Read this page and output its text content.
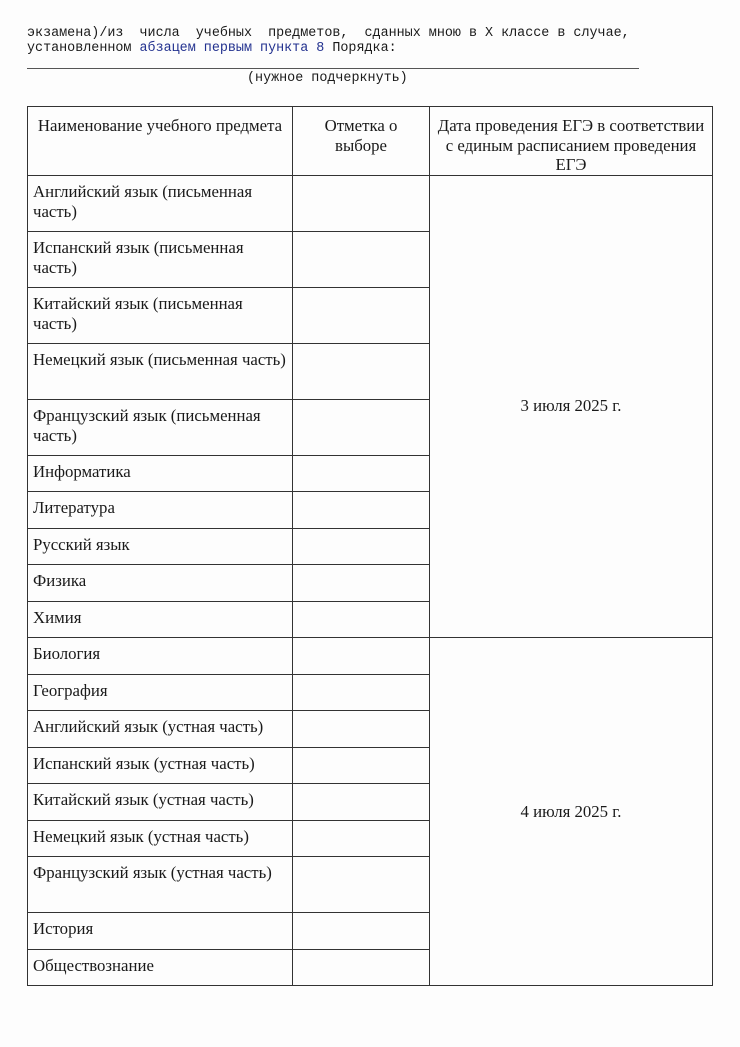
экзамена)/из  числа  учебных  предметов,  сданных мною в X классе в случае,
установленном абзацем первым пункта 8 Порядка:
(нужное подчеркнуть)
Наименование учебного предмета	Отметка о выборе	Дата проведения ЕГЭ в соответствии с единым расписанием проведения ЕГЭ
Английский язык (письменная часть)		3 июля 2025 г.
Испанский язык (письменная часть)		
Китайский язык (письменная часть)		
Немецкий язык (письменная часть)		
Французский язык (письменная часть)		
Информатика		
Литература		
Русский язык		
Физика		
Химия		
Биология		4 июля 2025 г.
География		
Английский язык (устная часть)		
Испанский язык (устная часть)		
Китайский язык (устная часть)		
Немецкий язык (устная часть)		
Французский язык (устная часть)		
История		
Обществознание		
